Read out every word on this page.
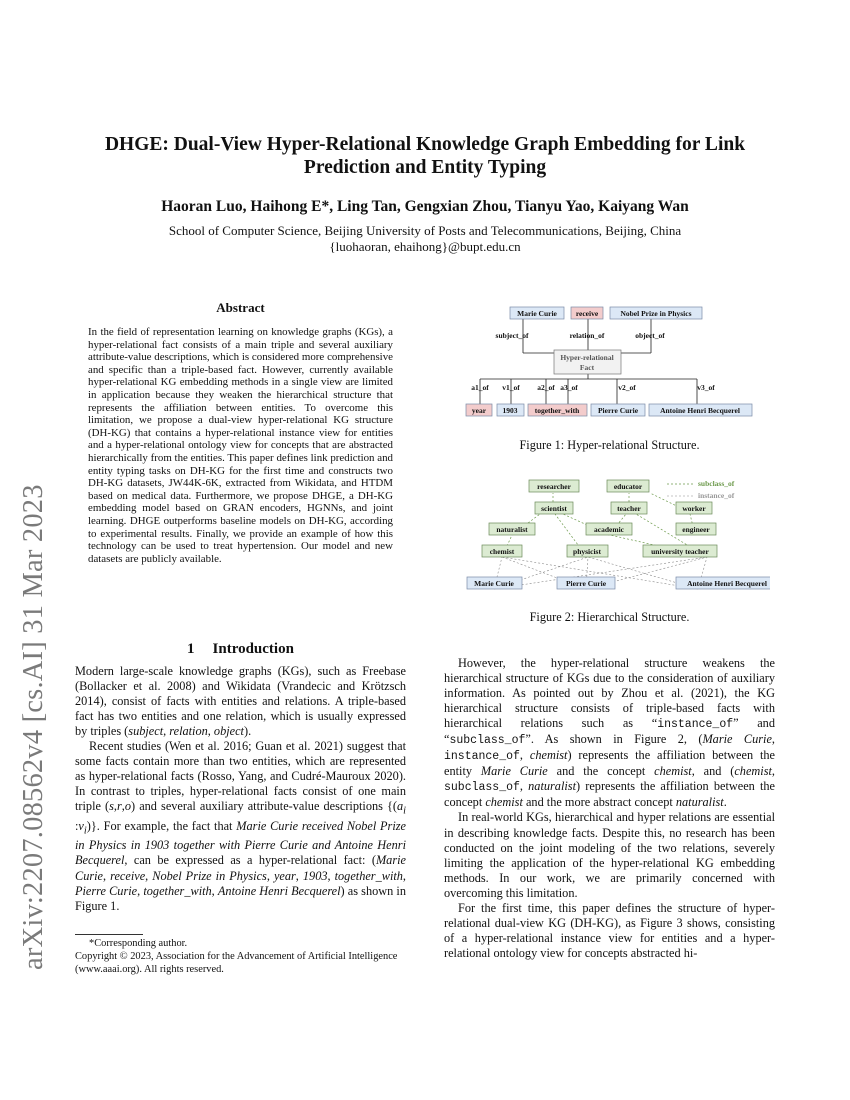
arXiv:2207.08562v4 [cs.AI] 31 Mar 2023
DHGE: Dual-View Hyper-Relational Knowledge Graph Embedding for Link Prediction and Entity Typing
Haoran Luo, Haihong E*, Ling Tan, Gengxian Zhou, Tianyu Yao, Kaiyang Wan
School of Computer Science, Beijing University of Posts and Telecommunications, Beijing, China
{luohaoran, ehaihong}@bupt.edu.cn
Abstract
In the field of representation learning on knowledge graphs (KGs), a hyper-relational fact consists of a main triple and several auxiliary attribute-value descriptions, which is considered more comprehensive and specific than a triple-based fact. However, currently available hyper-relational KG embedding methods in a single view are limited in application because they weaken the hierarchical structure that represents the affiliation between entities. To overcome this limitation, we propose a dual-view hyper-relational KG structure (DH-KG) that contains a hyper-relational instance view for entities and a hyper-relational ontology view for concepts that are abstracted hierarchically from the entities. This paper defines link prediction and entity typing tasks on DH-KG for the first time and constructs two DH-KG datasets, JW44K-6K, extracted from Wikidata, and HTDM based on medical data. Furthermore, we propose DHGE, a DH-KG embedding model based on GRAN encoders, HGNNs, and joint learning. DHGE outperforms baseline models on DH-KG, according to experimental results. Finally, we provide an example of how this technology can be used to treat hypertension. Our model and new datasets are publicly available.
1 Introduction

Modern large-scale knowledge graphs (KGs), such as Freebase (Bollacker et al. 2008) and Wikidata (Vrandecic and Krötzsch 2014), consist of facts with entities and relations. A triple-based fact has two entities and one relation, which is usually expressed by triples (subject, relation, object).

Recent studies (Wen et al. 2016; Guan et al. 2021) suggest that some facts contain more than two entities, which are represented as hyper-relational facts (Rosso, Yang, and Cudré-Mauroux 2020). In contrast to triples, hyper-relational facts consist of one main triple (s,r,o) and several auxiliary attribute-value descriptions {($a_i$ $:v_i$)}. For example, the fact that Marie Curie received Nobel Prize in Physics in 1903 together with Pierre Curie and Antoine Henri Becquerel, can be expressed as a hyper-relational fact: (Marie Curie, receive, Nobel Prize in Physics, year, 1903, together_with, Pierre Curie, together_with, Antoine Henri Becquerel) as shown in Figure 1.

*Corresponding author.
Copyright © 2023, Association for the Advancement of Artificial Intelligence (www.aaai.org). All rights reserved.
Marie Curie	receive	Nobel Prize in Physics
subject_of	relation_of	object_of
Hyper-relational
Fact
a1_of v1_of a2_of a3_of	v2_of	v3_of
year 1903 together_with Pierre Curie	Antoine Henri Becquerel
Figure 1: Hyper-relational Structure.
researcher	educator
scientist	teacher	worker
naturalist	academic	engineer
chemist	physicist	university teacher
Marie Curie	Pierre Curie	Antoine Henri Becquerel
subclass_of
instance_of
Figure 2: Hierarchical Structure.

However, the hyper-relational structure weakens the hierarchical structure of KGs due to the consideration of auxiliary information. As pointed out by Zhou et al. (2021), the KG hierarchical structure consists of triple-based facts with hierarchical relations such as “instance_of” and “subclass_of”. As shown in Figure 2, (Marie Curie, instance_of, chemist) represents the affiliation between the entity Marie Curie and the concept chemist, and (chemist, subclass_of, naturalist) represents the affiliation between the concept chemist and the more abstract concept naturalist.

In real-world KGs, hierarchical and hyper relations are essential in describing knowledge facts. Despite this, no research has been conducted on the joint modeling of the two relations, severely limiting the application of the hyper-relational KG embedding methods. In our work, we are primarily concerned with overcoming this limitation.

For the first time, this paper defines the structure of hyper-relational dual-view KG (DH-KG), as Figure 3 shows, consisting of a hyper-relational instance view for entities and a hyper-relational ontology view for concepts abstracted hi-
